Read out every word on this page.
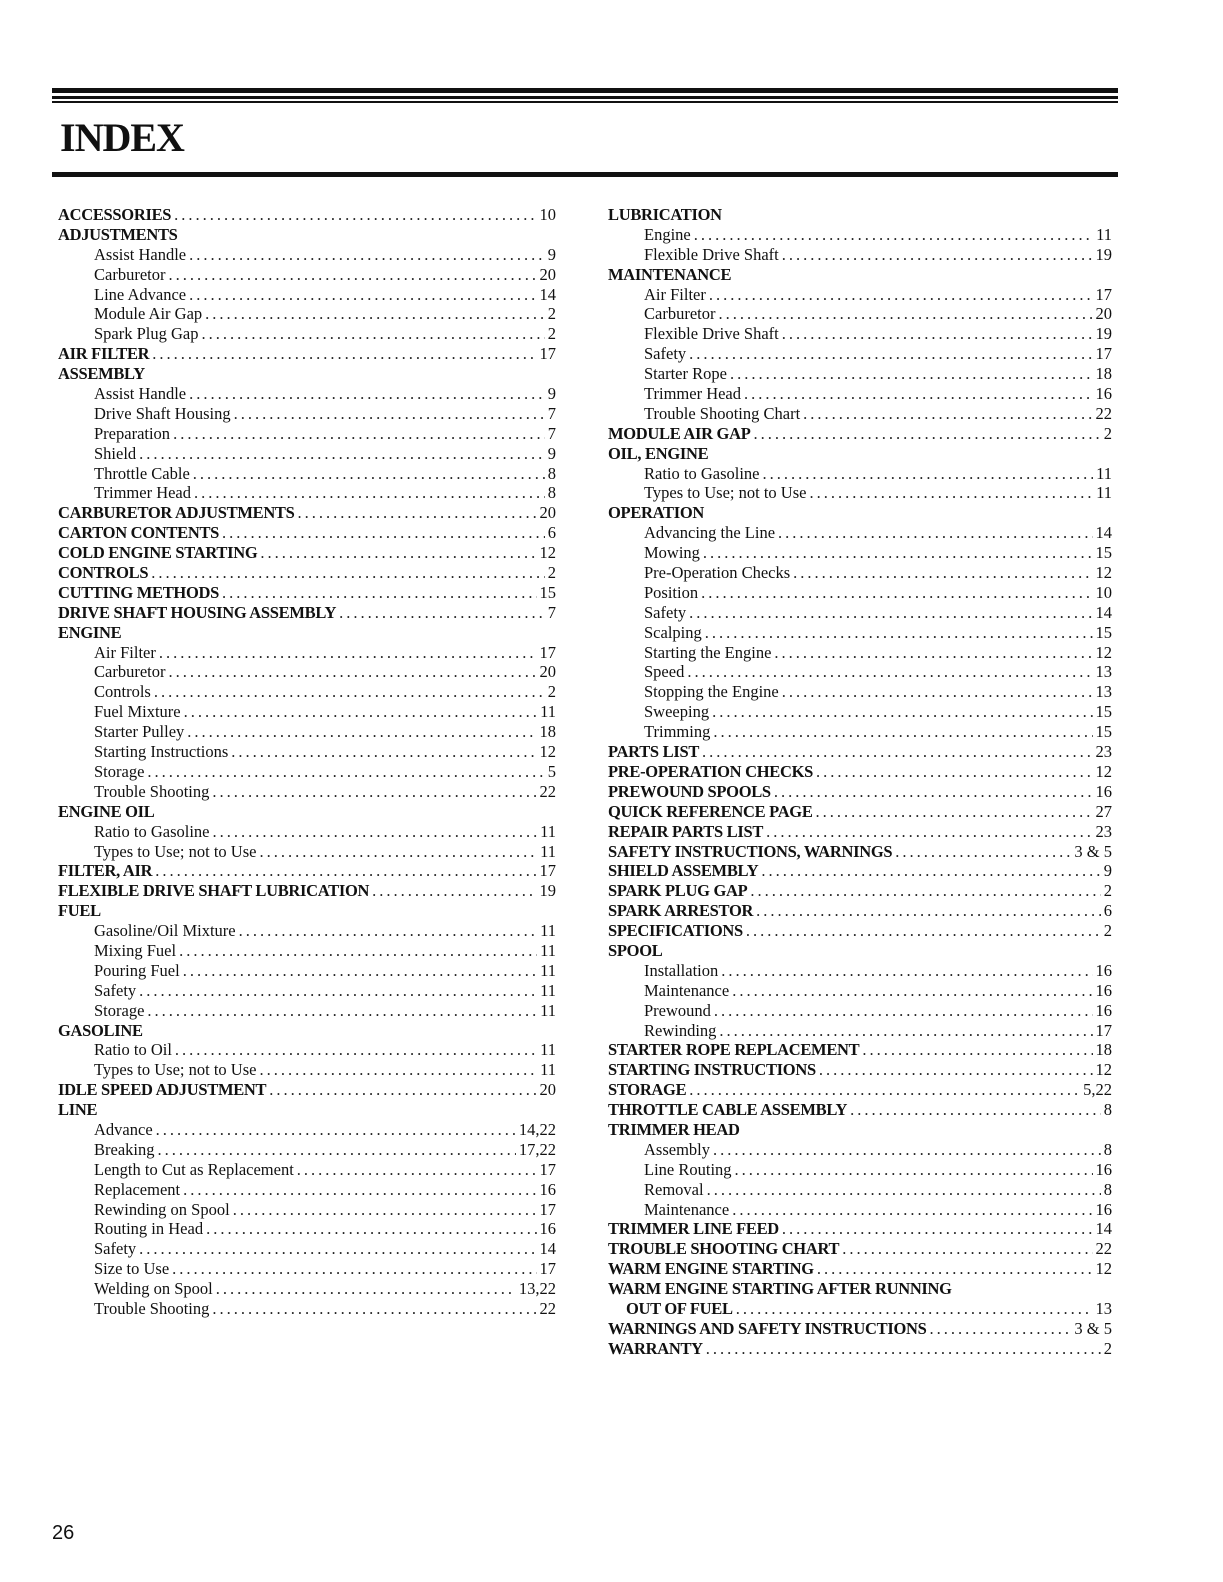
INDEX
ACCESSORIES .....	10
ADJUSTMENTS
Assist Handle .....	9
Carburetor .....	20
Line Advance .....	14
Module Air Gap .....	2
Spark Plug Gap .....	2
AIR FILTER .....	17
ASSEMBLY
Assist Handle .....	9
Drive Shaft Housing .....	7
Preparation .....	7
Shield .....	9
Throttle Cable .....	8
Trimmer Head .....	8
CARBURETOR ADJUSTMENTS .....	20
CARTON CONTENTS .....	6
COLD ENGINE STARTING .....	12
CONTROLS .....	2
CUTTING METHODS .....	15
DRIVE SHAFT HOUSING ASSEMBLY .....	7
ENGINE
Air Filter .....	17
Carburetor .....	20
Controls .....	2
Fuel Mixture .....	11
Starter Pulley .....	18
Starting Instructions .....	12
Storage .....	5
Trouble Shooting .....	22
ENGINE OIL
Ratio to Gasoline .....	11
Types to Use; not to Use .....	11
FILTER, AIR .....	17
FLEXIBLE DRIVE SHAFT LUBRICATION .....	19
FUEL
Gasoline/Oil Mixture .....	11
Mixing Fuel .....	11
Pouring Fuel .....	11
Safety .....	11
Storage .....	11
GASOLINE
Ratio to Oil .....	11
Types to Use; not to Use .....	11
IDLE SPEED ADJUSTMENT .....	20
LINE
Advance .....	14,22
Breaking .....	17,22
Length to Cut as Replacement .....	17
Replacement .....	16
Rewinding on Spool .....	17
Routing in Head .....	16
Safety .....	14
Size to Use .....	17
Welding on Spool .....	13,22
Trouble Shooting .....	22
LUBRICATION
Engine .....	11
Flexible Drive Shaft .....	19
MAINTENANCE
Air Filter .....	17
Carburetor .....	20
Flexible Drive Shaft .....	19
Safety .....	17
Starter Rope .....	18
Trimmer Head .....	16
Trouble Shooting Chart .....	22
MODULE AIR GAP .....	2
OIL, ENGINE
Ratio to Gasoline .....	11
Types to Use; not to Use .....	11
OPERATION
Advancing the Line .....	14
Mowing .....	15
Pre-Operation Checks .....	12
Position .....	10
Safety .....	14
Scalping .....	15
Starting the Engine .....	12
Speed .....	13
Stopping the Engine .....	13
Sweeping .....	15
Trimming .....	15
PARTS LIST .....	23
PRE-OPERATION CHECKS .....	12
PREWOUND SPOOLS .....	16
QUICK REFERENCE PAGE .....	27
REPAIR PARTS LIST .....	23
SAFETY INSTRUCTIONS, WARNINGS .....	3 & 5
SHIELD ASSEMBLY .....	9
SPARK PLUG GAP .....	2
SPARK ARRESTOR .....	6
SPECIFICATIONS .....	2
SPOOL
Installation .....	16
Maintenance .....	16
Prewound .....	16
Rewinding .....	17
STARTER ROPE REPLACEMENT .....	18
STARTING INSTRUCTIONS .....	12
STORAGE .....	5,22
THROTTLE CABLE ASSEMBLY .....	8
TRIMMER HEAD
Assembly .....	8
Line Routing .....	16
Removal .....	8
Maintenance .....	16
TRIMMER LINE FEED .....	14
TROUBLE SHOOTING CHART .....	22
WARM ENGINE STARTING .....	12
WARM ENGINE STARTING AFTER RUNNING
OUT OF FUEL .....	13
WARNINGS AND SAFETY INSTRUCTIONS .....	3 & 5
WARRANTY .....	2
26
